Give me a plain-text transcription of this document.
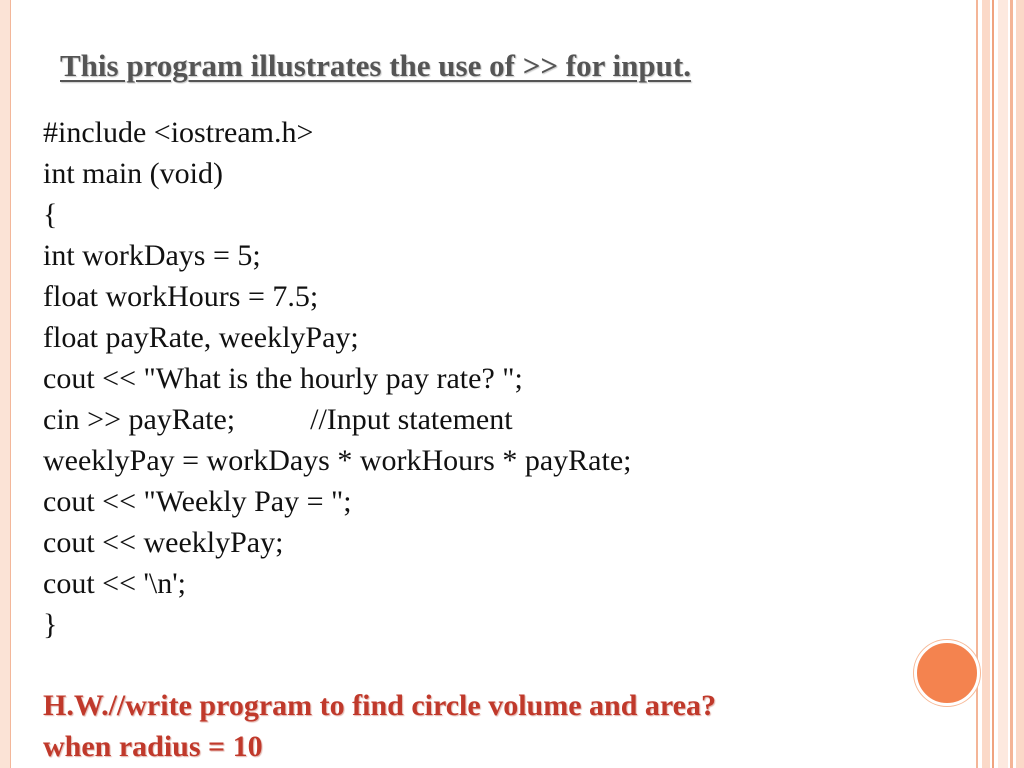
This program illustrates the use of >> for input.
#include <iostream.h>
int main (void)
{
int workDays = 5;
float workHours = 7.5;
float payRate, weeklyPay;
cout << "What is the hourly pay rate? ";
cin >> payRate;          //Input statement
weeklyPay = workDays * workHours * payRate;
cout << "Weekly Pay = ";
cout << weeklyPay;
cout << '\n';
}
H.W.//write program to find circle volume and area?
when radius = 10
